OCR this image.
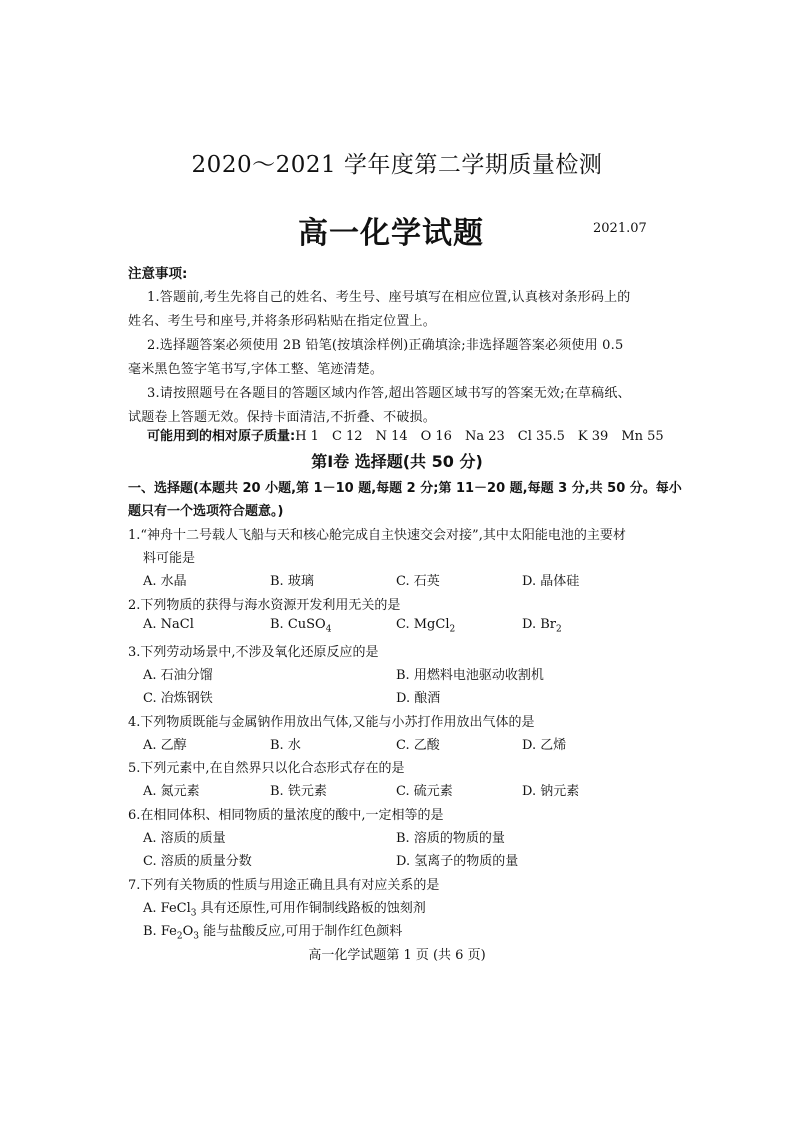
2020～2021 学年度第二学期质量检测
高一化学试题	2021.07
注意事项:
1.答题前,考生先将自己的姓名、考生号、座号填写在相应位置,认真核对条形码上的
姓名、考生号和座号,并将条形码粘贴在指定位置上。
2.选择题答案必须使用 2B 铅笔(按填涂样例)正确填涂;非选择题答案必须使用 0.5
毫米黑色签字笔书写,字体工整、笔迹清楚。
3.请按照题号在各题目的答题区域内作答,超出答题区域书写的答案无效;在草稿纸、
试题卷上答题无效。保持卡面清洁,不折叠、不破损。
可能用到的相对原子质量:H 1　C 12　N 14　O 16　Na 23　Cl 35.5　K 39　Mn 55
第Ⅰ卷 选择题(共 50 分)
一、选择题(本题共 20 小题,第 1－10 题,每题 2 分;第 11－20 题,每题 3 分,共 50 分。每小
题只有一个选项符合题意。)
1.“神舟十二号载人飞船与天和核心舱完成自主快速交会对接”,其中太阳能电池的主要材
料可能是
A. 水晶	B. 玻璃	C. 石英	D. 晶体硅
2.下列物质的获得与海水资源开发利用无关的是
A. NaCl	B. CuSO$_4$	C. MgCl$_2$	D. $Br_2$
3.下列劳动场景中,不涉及氧化还原反应的是
A. 石油分馏	B. 用燃料电池驱动收割机
C. 冶炼钢铁	D. 酿酒
4.下列物质既能与金属钠作用放出气体,又能与小苏打作用放出气体的是
A. 乙醇	B. 水	C. 乙酸	D. 乙烯
5.下列元素中,在自然界只以化合态形式存在的是
A. 氮元素	B. 铁元素	C. 硫元素	D. 钠元素
6.在相同体积、相同物质的量浓度的酸中,一定相等的是
A. 溶质的质量	B. 溶质的物质的量
C. 溶质的质量分数	D. 氢离子的物质的量
7.下列有关物质的性质与用途正确且具有对应关系的是
A. FeCl$_3$ 具有还原性,可用作铜制线路板的蚀刻剂
B. $Fe_2O_3$ 能与盐酸反应,可用于制作红色颜料
高一化学试题第 1 页 (共 6 页)
